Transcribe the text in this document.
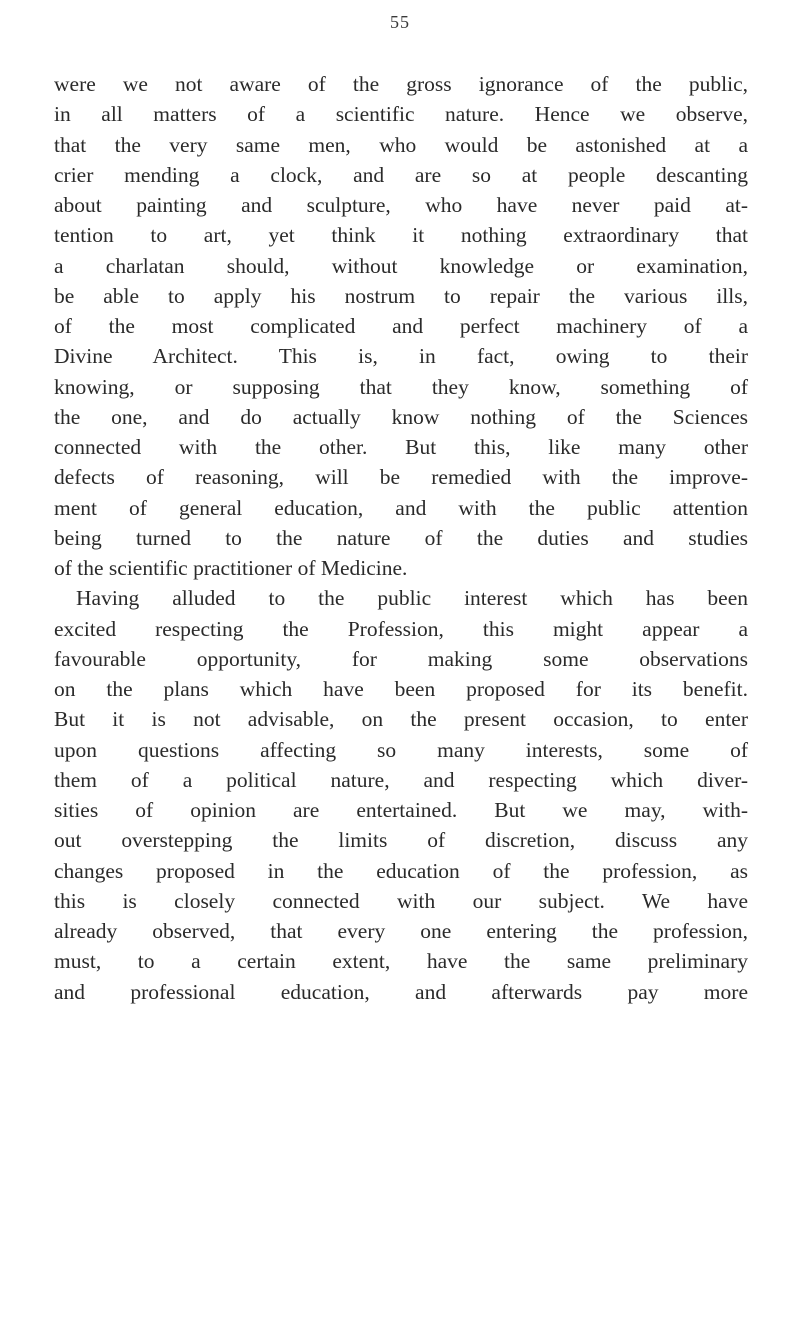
55
were we not aware of the gross ignorance of the public,
in all matters of a scientific nature. Hence we observe,
that the very same men, who would be astonished at a
crier mending a clock, and are so at people descanting
about painting and sculpture, who have never paid at-
tention to art, yet think it nothing extraordinary that
a charlatan should, without knowledge or examination,
be able to apply his nostrum to repair the various ills,
of the most complicated and perfect machinery of a
Divine Architect. This is, in fact, owing to their
knowing, or supposing that they know, something of
the one, and do actually know nothing of the Sciences
connected with the other. But this, like many other
defects of reasoning, will be remedied with the improve-
ment of general education, and with the public attention
being turned to the nature of the duties and studies
of the scientific practitioner of Medicine.
Having alluded to the public interest which has been
excited respecting the Profession, this might appear a
favourable opportunity, for making some observations
on the plans which have been proposed for its benefit.
But it is not advisable, on the present occasion, to enter
upon questions affecting so many interests, some of
them of a political nature, and respecting which diver-
sities of opinion are entertained. But we may, with-
out overstepping the limits of discretion, discuss any
changes proposed in the education of the profession, as
this is closely connected with our subject. We have
already observed, that every one entering the profession,
must, to a certain extent, have the same preliminary
and professional education, and afterwards pay more
